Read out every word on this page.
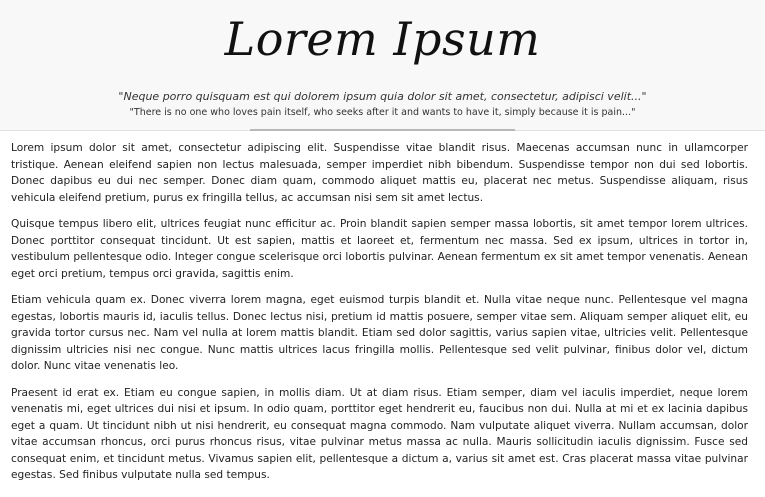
Lorem Ipsum
"Neque porro quisquam est qui dolorem ipsum quia dolor sit amet, consectetur, adipisci velit..."
"There is no one who loves pain itself, who seeks after it and wants to have it, simply because it is pain..."

Lorem ipsum dolor sit amet, consectetur adipiscing elit. Suspendisse vitae blandit risus. Maecenas accumsan nunc in ullamcorper tristique. Aenean eleifend sapien non lectus malesuada, semper imperdiet nibh bibendum. Suspendisse tempor non dui sed lobortis. Donec dapibus eu dui nec semper. Donec diam quam, commodo aliquet mattis eu, placerat nec metus. Suspendisse aliquam, risus vehicula eleifend pretium, purus ex fringilla tellus, ac accumsan nisi sem sit amet lectus.

Quisque tempus libero elit, ultrices feugiat nunc efficitur ac. Proin blandit sapien semper massa lobortis, sit amet tempor lorem ultrices. Donec porttitor consequat tincidunt. Ut est sapien, mattis et laoreet et, fermentum nec massa. Sed ex ipsum, ultrices in tortor in, vestibulum pellentesque odio. Integer congue scelerisque orci lobortis pulvinar. Aenean fermentum ex sit amet tempor venenatis. Aenean eget orci pretium, tempus orci gravida, sagittis enim.

Etiam vehicula quam ex. Donec viverra lorem magna, eget euismod turpis blandit et. Nulla vitae neque nunc. Pellentesque vel magna egestas, lobortis mauris id, iaculis tellus. Donec lectus nisi, pretium id mattis posuere, semper vitae sem. Aliquam semper aliquet elit, eu gravida tortor cursus nec. Nam vel nulla at lorem mattis blandit. Etiam sed dolor sagittis, varius sapien vitae, ultricies velit. Pellentesque dignissim ultricies nisi nec congue. Nunc mattis ultrices lacus fringilla mollis. Pellentesque sed velit pulvinar, finibus dolor vel, dictum dolor. Nunc vitae venenatis leo.

Praesent id erat ex. Etiam eu congue sapien, in mollis diam. Ut at diam risus. Etiam semper, diam vel iaculis imperdiet, neque lorem venenatis mi, eget ultrices dui nisi et ipsum. In odio quam, porttitor eget hendrerit eu, faucibus non dui. Nulla at mi et ex lacinia dapibus eget a quam. Ut tincidunt nibh ut nisi hendrerit, eu consequat magna commodo. Nam vulputate aliquet viverra. Nullam accumsan, dolor vitae accumsan rhoncus, orci purus rhoncus risus, vitae pulvinar metus massa ac nulla. Mauris sollicitudin iaculis dignissim. Fusce sed consequat enim, et tincidunt metus. Vivamus sapien elit, pellentesque a dictum a, varius sit amet est. Cras placerat massa vitae pulvinar egestas. Sed finibus vulputate nulla sed tempus.
